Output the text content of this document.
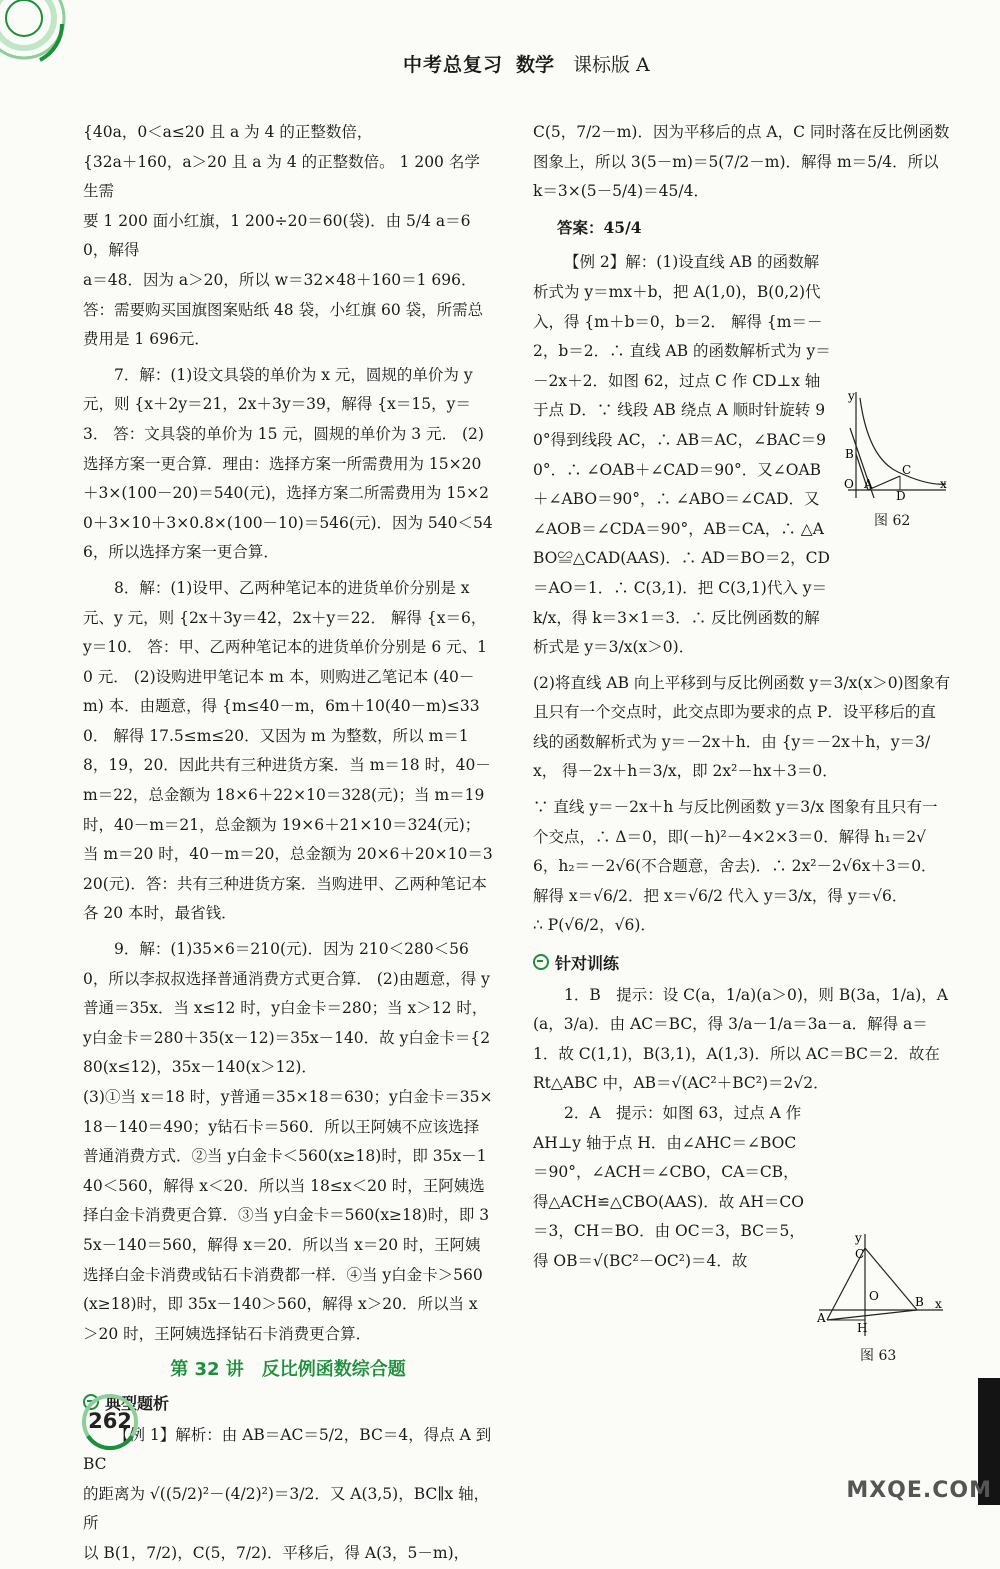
中考总复习 数学 课标版 A

{40a，0＜a≤20 且 a 为 4 的正整数倍，

{32a＋160，a＞20 且 a 为 4 的正整数倍。 1 200 名学生需

要 1 200 面小红旗，1 200÷20＝60(袋)．由 5/4 a＝60，解得

a＝48．因为 a＞20，所以 w＝32×48＋160＝1 696．答：需要购买国旗图案贴纸 48 袋，小红旗 60 袋，所需总费用是 1 696元．

7．解：(1)设文具袋的单价为 x 元，圆规的单价为 y 元，则 {x＋2y＝21，2x＋3y＝39，解得 {x＝15，y＝3． 答：文具袋的单价为 15 元，圆规的单价为 3 元． (2)选择方案一更合算．理由：选择方案一所需费用为 15×20＋3×(100－20)＝540(元)，选择方案二所需费用为 15×20＋3×10＋3×0.8×(100－10)＝546(元)．因为 540＜546，所以选择方案一更合算．

8．解：(1)设甲、乙两种笔记本的进货单价分别是 x 元、y 元，则 {2x＋3y＝42，2x＋y＝22． 解得 {x＝6，y＝10． 答：甲、乙两种笔记本的进货单价分别是 6 元、10 元． (2)设购进甲笔记本 m 本，则购进乙笔记本 (40－m) 本．由题意，得 {m≤40－m，6m＋10(40－m)≤330． 解得 17.5≤m≤20．又因为 m 为整数，所以 m＝18，19，20．因此共有三种进货方案．当 m＝18 时，40－m＝22，总金额为 18×6＋22×10＝328(元)；当 m＝19 时，40－m＝21，总金额为 19×6＋21×10＝324(元)；当 m＝20 时，40－m＝20，总金额为 20×6＋20×10＝320(元)．答：共有三种进货方案．当购进甲、乙两种笔记本各 20 本时，最省钱．

9．解：(1)35×6＝210(元)．因为 210＜280＜560，所以李叔叔选择普通消费方式更合算． (2)由题意，得 y普通＝35x．当 x≤12 时，y白金卡＝280；当 x＞12 时，y白金卡＝280＋35(x－12)＝35x－140．故 y白金卡＝{280(x≤12)，35x－140(x＞12)．

(3)①当 x＝18 时，y普通＝35×18＝630；y白金卡＝35×18－140＝490；y钻石卡＝560．所以王阿姨不应该选择普通消费方式．②当 y白金卡＜560(x≥18)时，即 35x－140＜560，解得 x＜20．所以当 18≤x＜20 时，王阿姨选择白金卡消费更合算．③当 y白金卡＝560(x≥18)时，即 35x－140＝560，解得 x＝20．所以当 x＝20 时，王阿姨选择白金卡消费或钻石卡消费都一样．④当 y白金卡＞560(x≥18)时，即 35x－140＞560，解得 x＞20．所以当 x＞20 时，王阿姨选择钻石卡消费更合算．

第 32 讲　反比例函数综合题
典型题析

【例 1】解析：由 AB＝AC＝5/2，BC＝4，得点 A 到 BC

的距离为 √((5/2)²－(4/2)²)＝3/2．又 A(3,5)，BC∥x 轴，所

以 B(1，7/2)，C(5，7/2)．平移后，得 A(3，5－m)，

C(5，7/2－m)．因为平移后的点 A，C 同时落在反比例函数图象上，所以 3(5－m)＝5(7/2－m)．解得 m＝5/4．所以 k＝3×(5－5/4)＝45/4．

答案：45/4

【例 2】解：(1)设直线 AB 的函数解析式为 y＝mx＋b，把 A(1,0)，B(0,2)代入，得 {m＋b＝0，b＝2． 解得 {m＝－2，b＝2．∴ 直线 AB 的函数解析式为 y＝－2x＋2．如图 62，过点 C 作 CD⊥x 轴于点 D．∵ 线段 AB 绕点 A 顺时针旋转 90°得到线段 AC，∴ AB＝AC，∠BAC＝90°．∴ ∠OAB＋∠CAD＝90°．又∠OAB＋∠ABO＝90°，∴ ∠ABO＝∠CAD．又∠AOB＝∠CDA＝90°，AB＝CA，∴ △ABO≌△CAD(AAS)．∴ AD＝BO＝2，CD＝AO＝1．∴ C(3,1)．把 C(3,1)代入 y＝k/x，得 k＝3×1＝3．∴ 反比例函数的解析式是 y＝3/x(x＞0)．

(2)将直线 AB 向上平移到与反比例函数 y＝3/x(x＞0)图象有且只有一个交点时，此交点即为要求的点 P．设平移后的直线的函数解析式为 y＝－2x＋h．由 {y＝－2x＋h，y＝3/x， 得－2x＋h＝3/x，即 2x²－hx＋3＝0．

∵ 直线 y＝－2x＋h 与反比例函数 y＝3/x 图象有且只有一个交点，∴ Δ＝0，即(－h)²－4×2×3＝0．解得 h₁＝2√6，h₂＝－2√6(不合题意，舍去)．∴ 2x²－2√6x＋3＝0．解得 x＝√6/2．把 x＝√6/2 代入 y＝3/x，得 y＝√6．

∴ P(√6/2，√6)．

针对训练

1．B　提示：设 C(a，1/a)(a＞0)，则 B(3a，1/a)，A(a，3/a)．由 AC＝BC，得 3/a－1/a＝3a－a．解得 a＝1．故 C(1,1)，B(3,1)，A(1,3)．所以 AC＝BC＝2．故在 Rt△ABC 中，AB＝√(AC²＋BC²)＝2√2．

2．A　提示：如图 63，过点 A 作 AH⊥y 轴于点 H．由∠AHC＝∠BOC＝90°，∠ACH＝∠CBO，CA＝CB，得△ACH≌△CBO(AAS)．故 AH＝CO＝3，CH＝BO．由 OC＝3，BC＝5，得 OB＝√(BC²－OC²)＝4．故

y
B
C
O A
D
x
图 62
y
C
O
A
H
B x
图 63
262
MXQE.COM
